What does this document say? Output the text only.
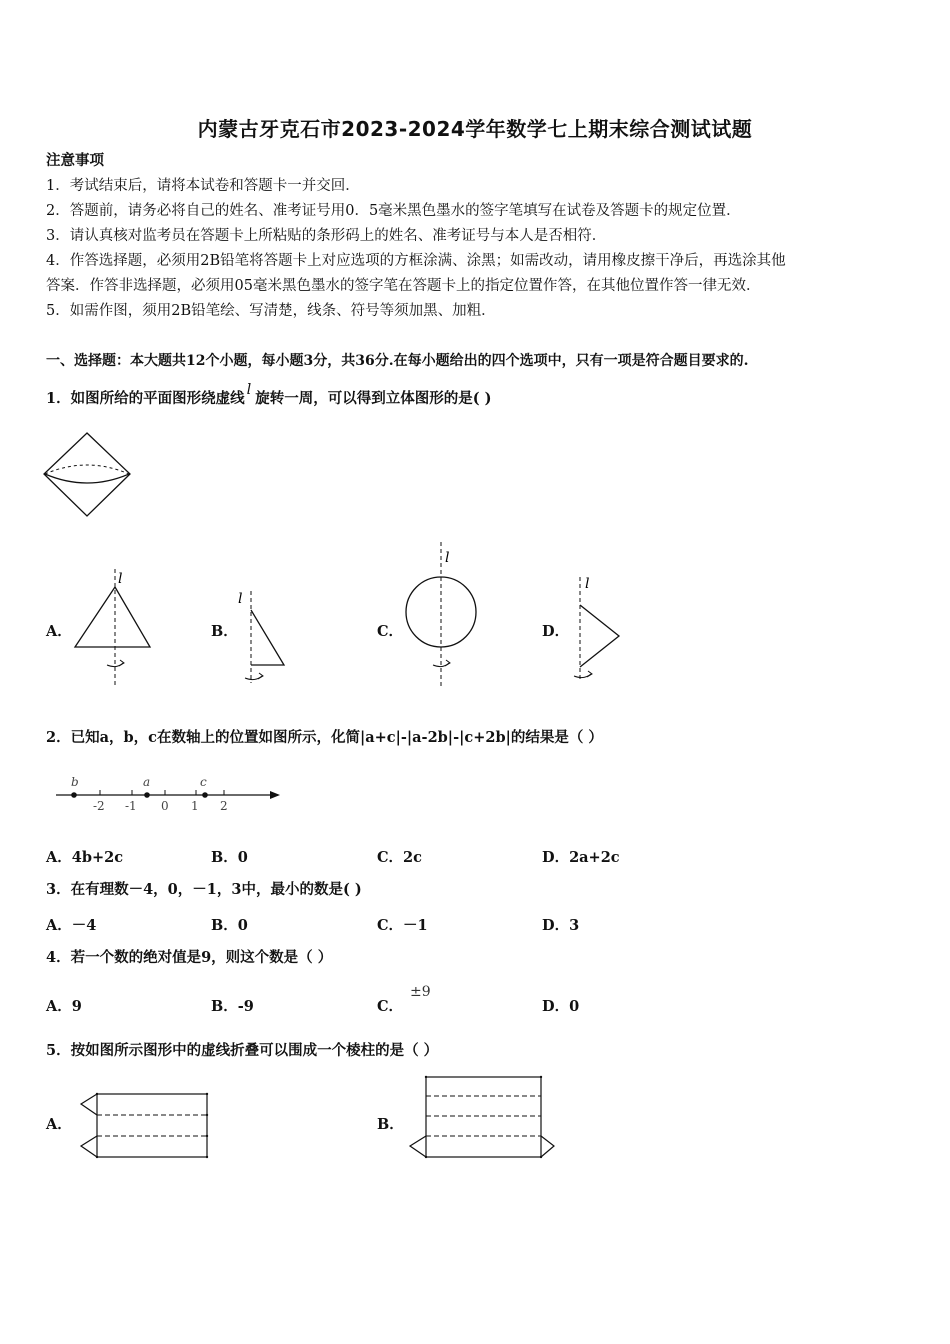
内蒙古牙克石市2023-2024学年数学七上期末综合测试试题
注意事项
1．考试结束后，请将本试卷和答题卡一并交回．
2．答题前，请务必将自己的姓名、准考证号用0．5毫米黑色墨水的签字笔填写在试卷及答题卡的规定位置．
3．请认真核对监考员在答题卡上所粘贴的条形码上的姓名、准考证号与本人是否相符．
4．作答选择题，必须用2B铅笔将答题卡上对应选项的方框涂满、涂黑；如需改动，请用橡皮擦干净后，再选涂其他
答案．作答非选择题，必须用05毫米黑色墨水的签字笔在答题卡上的指定位置作答，在其他位置作答一律无效．
5．如需作图，须用2B铅笔绘、写清楚，线条、符号等须加黑、加粗．
一、选择题：本大题共12个小题，每小题3分，共36分.在每小题给出的四个选项中，只有一项是符合题目要求的.
1．如图所给的平面图形绕虚线 l 旋转一周，可以得到立体图形的是( )
A．
l
B．
l
C．
l
D．
l
2．已知a，b，c在数轴上的位置如图所示，化简|a+c|-|a-2b|-|c+2b|的结果是（ ）
b	a	c
-2 -1 0 1 2
A．4b+2c	B．0	C．2c	D．2a+2c
3．在有理数－4，0，－1，3中，最小的数是( )
A．－4	B．0	C．－1	D．3
4．若一个数的绝对值是9，则这个数是（ ）
A．9	B．-9	C．
±9
D．0
5．按如图所示图形中的虚线折叠可以围成一个棱柱的是（ ）
A．	B．
